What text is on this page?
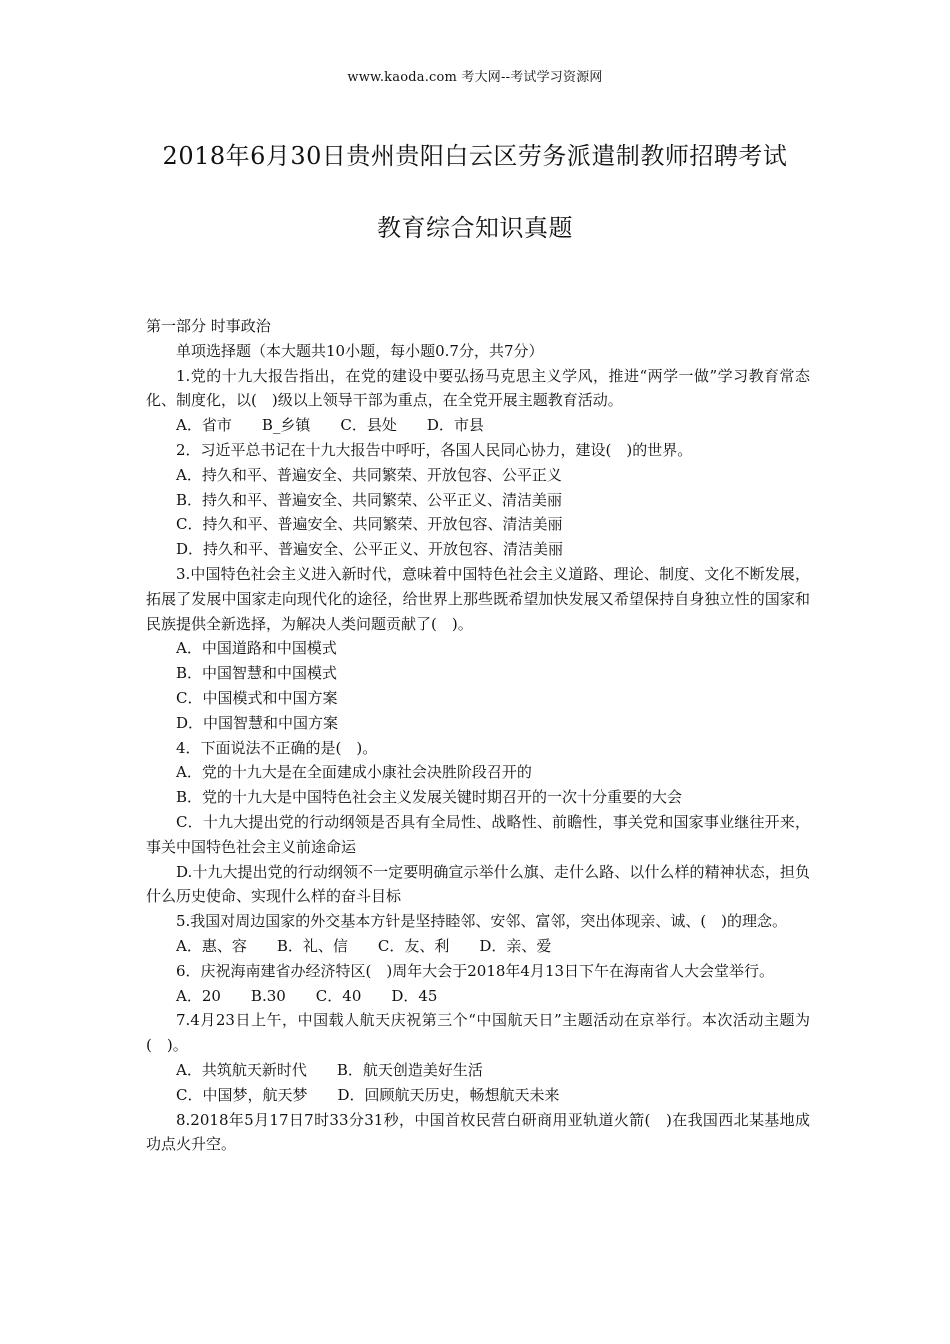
www.kaoda.com 考大网--考试学习资源网
2018年6月30日贵州贵阳白云区劳务派遣制教师招聘考试
教育综合知识真题

第一部分 时事政治

单项选择题（本大题共10小题，每小题0.7分，共7分）

1.党的十九大报告指出，在党的建设中要弘扬马克思主义学风，推进“两学一做”学习教育常态化、制度化，以(　)级以上领导干部为重点，在全党开展主题教育活动。

A．省市　　B_乡镇　　C．县处　　D．市县

2．习近平总书记在十九大报告中呼吁，各国人民同心协力，建设(　)的世界。

A．持久和平、普遍安全、共同繁荣、开放包容、公平正义

B．持久和平、普遍安全、共同繁荣、公平正义、清洁美丽

C．持久和平、普遍安全、共同繁荣、开放包容、清洁美丽

D．持久和平、普遍安全、公平正义、开放包容、清洁美丽

3.中国特色社会主义进入新时代，意味着中国特色社会主义道路、理论、制度、文化不断发展，拓展了发展中国家走向现代化的途径，给世界上那些既希望加快发展又希望保持自身独立性的国家和民族提供全新选择，为解决人类问题贡献了(　)。

A．中国道路和中国模式

B．中国智慧和中国模式

C．中国模式和中国方案

D．中国智慧和中国方案

4．下面说法不正确的是(　)。

A．党的十九大是在全面建成小康社会决胜阶段召开的

B．党的十九大是中国特色社会主义发展关键时期召开的一次十分重要的大会

C．十九大提出党的行动纲领是否具有全局性、战略性、前瞻性，事关党和国家事业继往开来，事关中国特色社会主义前途命运

D.十九大提出党的行动纲领不一定要明确宣示举什么旗、走什么路、以什么样的精神状态，担负什么历史使命、实现什么样的奋斗目标

5.我国对周边国家的外交基本方针是坚持睦邻、安邻、富邻，突出体现亲、诚、(　)的理念。

A．惠、容　　B．礼、信　　C．友、利　　D．亲、爱

6．庆祝海南建省办经济特区(　)周年大会于2018年4月13日下午在海南省人大会堂举行。

A．20　　B.30　　C．40　　D．45

7.4月23日上午，中国载人航天庆祝第三个“中国航天日”主题活动在京举行。本次活动主题为(　)。

A．共筑航天新时代　　B．航天创造美好生活

C．中国梦，航天梦　　D．回顾航天历史，畅想航天未来

8.2018年5月17日7时33分31秒，中国首枚民营白研商用亚轨道火箭(　)在我国西北某基地成功点火升空。
